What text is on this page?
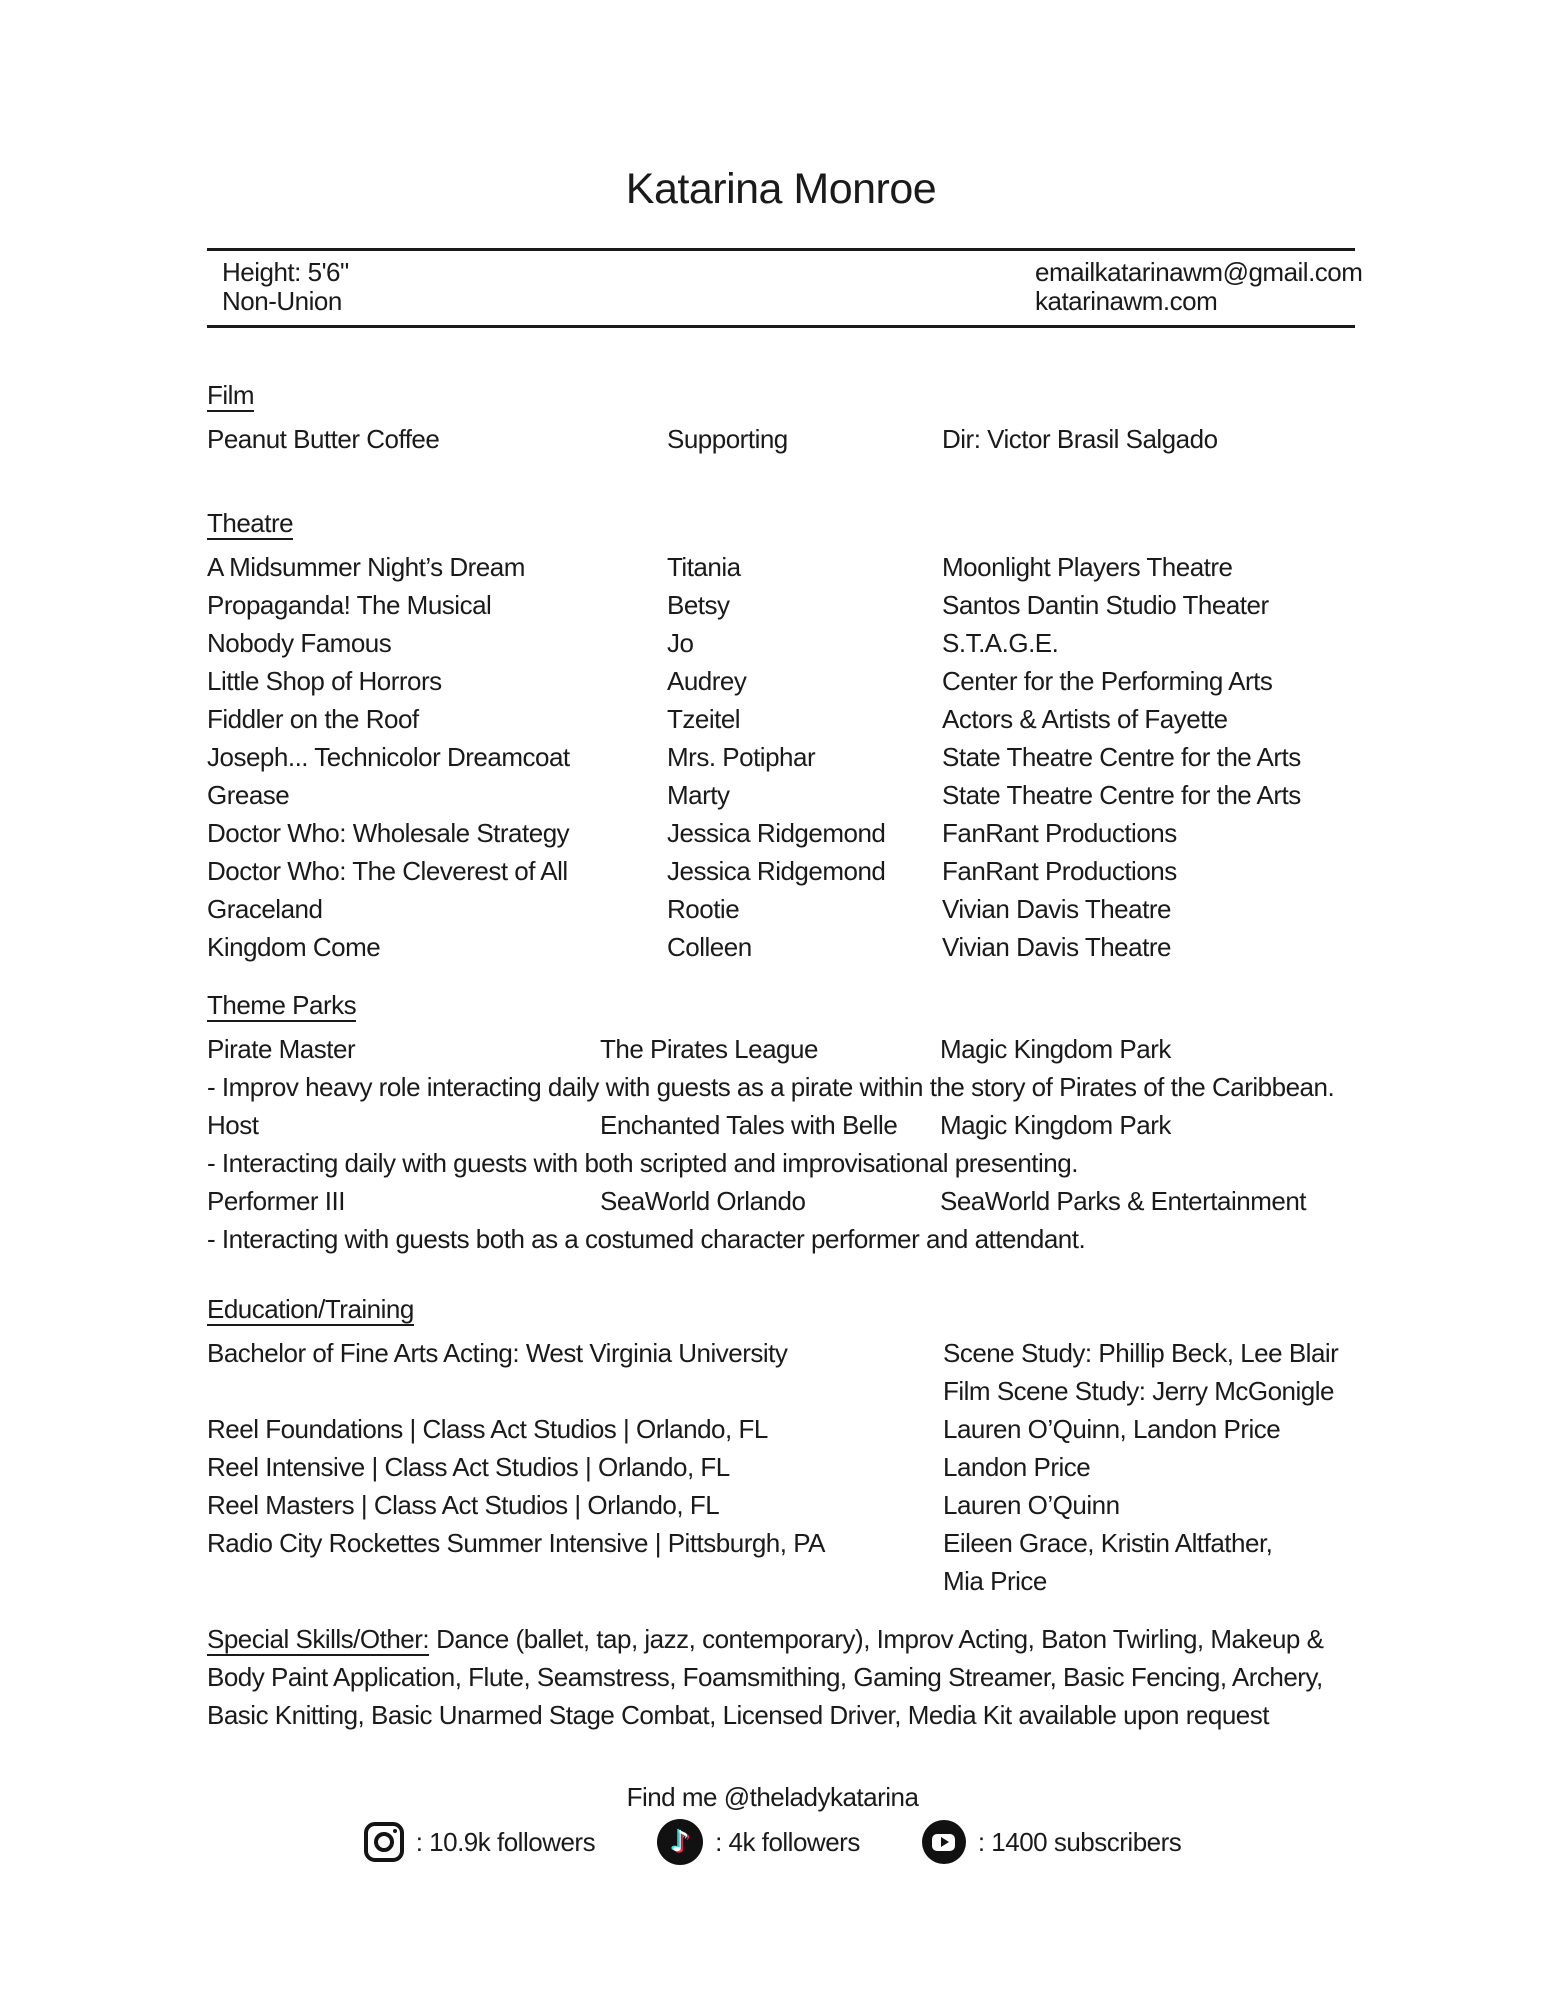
Katarina Monroe
Height: 5'6"
Non-Union
emailkatarinawm@gmail.com
katarinawm.com
Film
Peanut Butter Coffee	Supporting	Dir: Victor Brasil Salgado
Theatre
A Midsummer Night’s Dream	Titania	Moonlight Players Theatre
Propaganda! The Musical	Betsy	Santos Dantin Studio Theater
Nobody Famous	Jo	S.T.A.G.E.
Little Shop of Horrors	Audrey	Center for the Performing Arts
Fiddler on the Roof	Tzeitel	Actors & Artists of Fayette
Joseph... Technicolor Dreamcoat	Mrs. Potiphar	State Theatre Centre for the Arts
Grease	Marty	State Theatre Centre for the Arts
Doctor Who: Wholesale Strategy	Jessica Ridgemond	FanRant Productions
Doctor Who: The Cleverest of All	Jessica Ridgemond	FanRant Productions
Graceland	Rootie	Vivian Davis Theatre
Kingdom Come	Colleen	Vivian Davis Theatre
Theme Parks
Pirate Master	The Pirates League	Magic Kingdom Park
- Improv heavy role interacting daily with guests as a pirate within the story of Pirates of the Caribbean.
Host	Enchanted Tales with Belle	Magic Kingdom Park
- Interacting daily with guests with both scripted and improvisational presenting.
Performer III	SeaWorld Orlando	SeaWorld Parks & Entertainment
- Interacting with guests both as a costumed character performer and attendant.
Education/Training
Bachelor of Fine Arts Acting: West Virginia University	Scene Study: Phillip Beck, Lee Blair
Film Scene Study: Jerry McGonigle
Reel Foundations | Class Act Studios | Orlando, FL	Lauren O’Quinn, Landon Price
Reel Intensive | Class Act Studios | Orlando, FL	Landon Price
Reel Masters | Class Act Studios | Orlando, FL	Lauren O’Quinn
Radio City Rockettes Summer Intensive | Pittsburgh, PA	Eileen Grace, Kristin Altfather,
Mia Price
Special Skills/Other: Dance (ballet, tap, jazz, contemporary), Improv Acting, Baton Twirling, Makeup &
Body Paint Application, Flute, Seamstress, Foamsmithing, Gaming Streamer, Basic Fencing, Archery,
Basic Knitting, Basic Unarmed Stage Combat, Licensed Driver, Media Kit available upon request
Find me @theladykatarina
: 10.9k followers	♪ : 4k followers	: 1400 subscribers
